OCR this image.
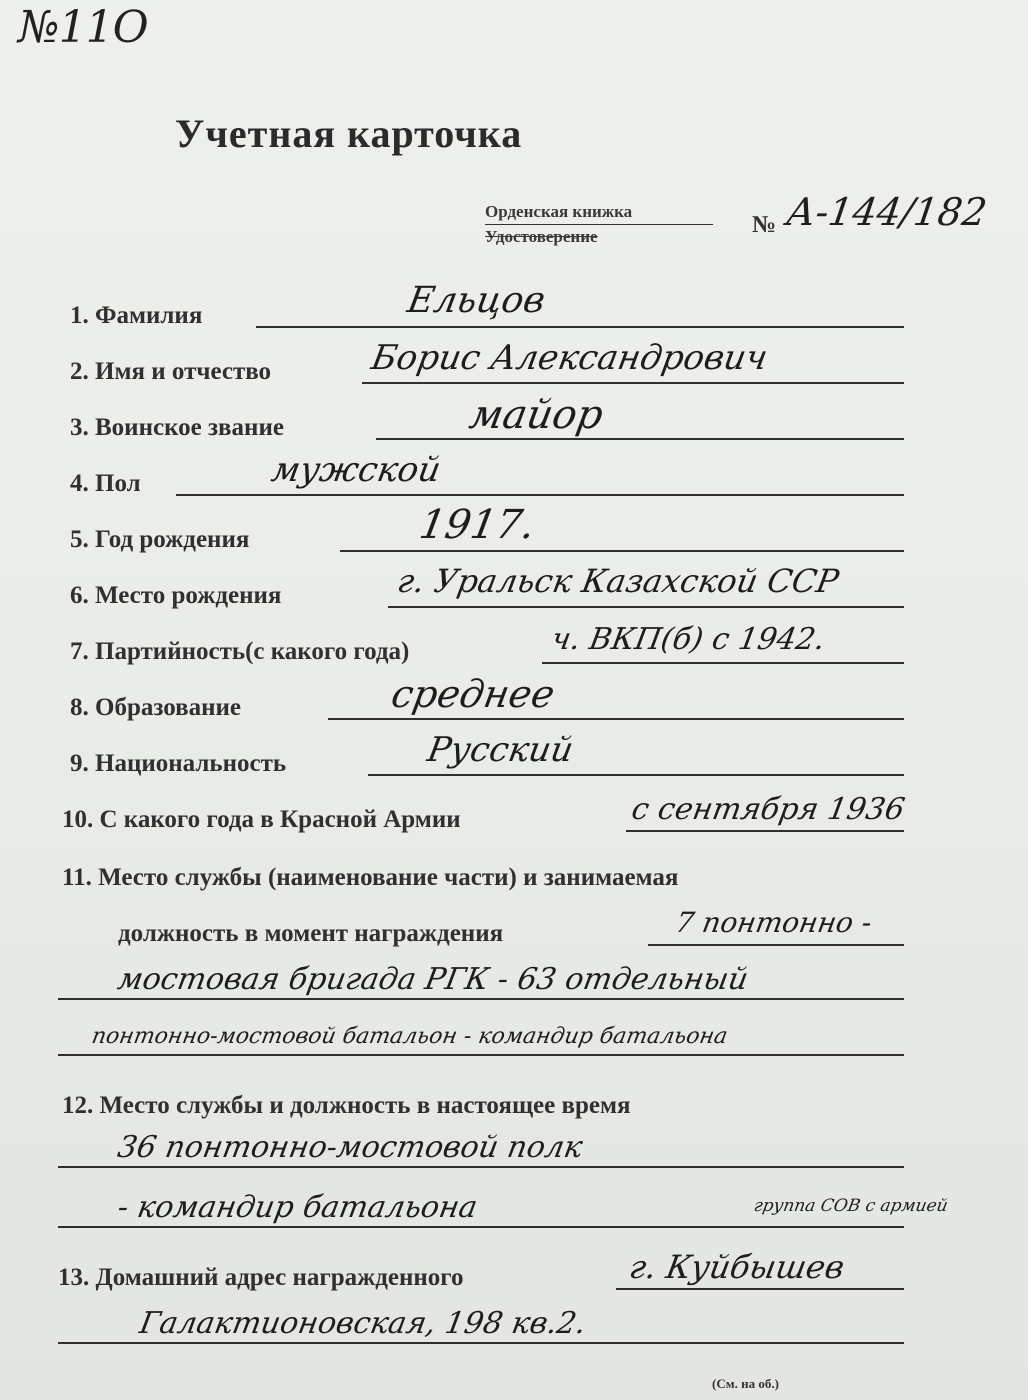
№11О
Учетная карточка
Орденская книжка
Удостоверение	№ А-144/182
1. Фамилия	Ельцов
2. Имя и отчество	Борис Александрович
3. Воинское звание	майор
4. Пол	мужской
5. Год рождения	1917.
6. Место рождения	г. Уральск Казахской ССР
7. Партийность(с какого года)	ч. ВКП(б) с 1942.
8. Образование	среднее
9. Национальность	Русский
10. С какого года в Красной Армии	с сентября 1936
11. Место службы (наименование части) и занимаемая
должность в момент награждения	7 понтонно -
мостовая бригада РГК - 63 отдельный
понтонно-мостовой батальон - командир батальона
12. Место службы и должность в настоящее время
36 понтонно-мостовой полк
- командир батальона	группа СОВ с армией
13. Домашний адрес награжденного	г. Куйбышев
Галактионовская, 198 кв.2.
(См. на об.)
